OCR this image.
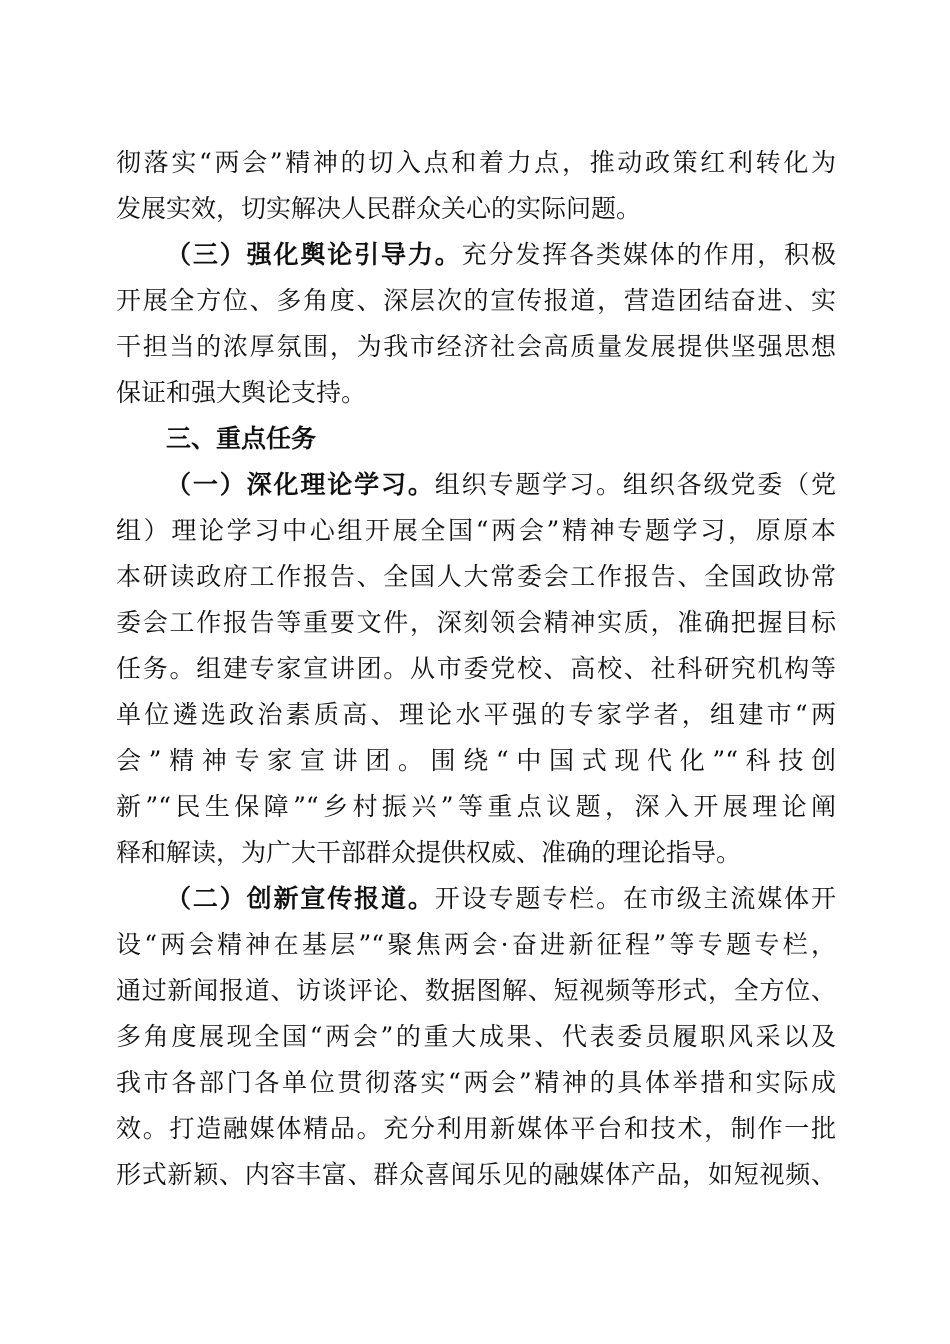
彻落实“两会”精神的切入点和着力点，推动政策红利转化为
发展实效，切实解决人民群众关心的实际问题。
（三）强化舆论引导力。充分发挥各类媒体的作用，积极
开展全方位、多角度、深层次的宣传报道，营造团结奋进、实
干担当的浓厚氛围，为我市经济社会高质量发展提供坚强思想
保证和强大舆论支持。
三、重点任务
（一）深化理论学习。组织专题学习。组织各级党委（党
组）理论学习中心组开展全国“两会”精神专题学习，原原本
本研读政府工作报告、全国人大常委会工作报告、全国政协常
委会工作报告等重要文件，深刻领会精神实质，准确把握目标
任务。组建专家宣讲团。从市委党校、高校、社科研究机构等
单位遴选政治素质高、理论水平强的专家学者，组建市“两
会”精神专家宣讲团。围绕“中国式现代化”“科技创
新”“民生保障”“乡村振兴”等重点议题，深入开展理论阐
释和解读，为广大干部群众提供权威、准确的理论指导。
（二）创新宣传报道。开设专题专栏。在市级主流媒体开
设“两会精神在基层”“聚焦两会·奋进新征程”等专题专栏，
通过新闻报道、访谈评论、数据图解、短视频等形式，全方位、
多角度展现全国“两会”的重大成果、代表委员履职风采以及
我市各部门各单位贯彻落实“两会”精神的具体举措和实际成
效。打造融媒体精品。充分利用新媒体平台和技术，制作一批
形式新颖、内容丰富、群众喜闻乐见的融媒体产品，如短视频、
